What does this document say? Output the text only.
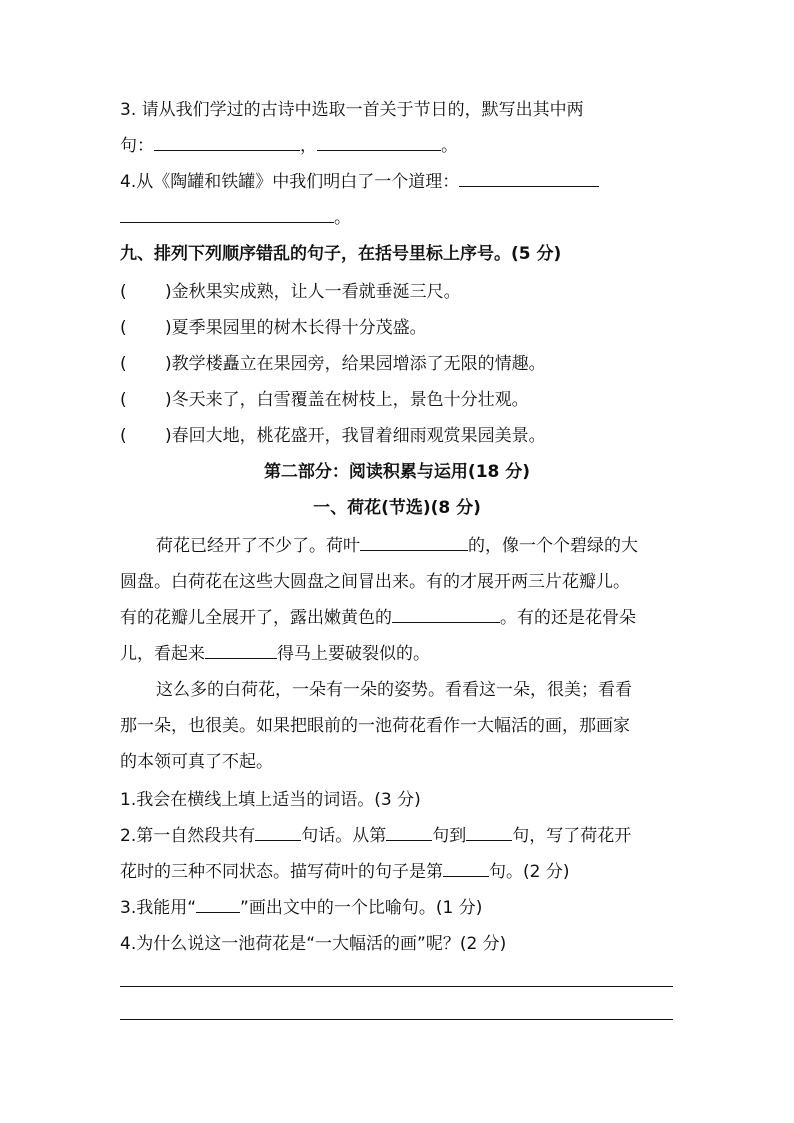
3. 请从我们学过的古诗中选取一首关于节日的，默写出其中两
句：	，	。
4.从《陶罐和铁罐》中我们明白了一个道理：
。
九、排列下列顺序错乱的句子，在括号里标上序号。(5 分)
( )金秋果实成熟，让人一看就垂涎三尺。
( )夏季果园里的树木长得十分茂盛。
( )教学楼矗立在果园旁，给果园增添了无限的情趣。
( )冬天来了，白雪覆盖在树枝上，景色十分壮观。
( )春回大地，桃花盛开，我冒着细雨观赏果园美景。
第二部分：阅读积累与运用(18 分)
一、荷花(节选)(8 分)
荷花已经开了不少了。荷叶	的，像一个个碧绿的大
圆盘。白荷花在这些大圆盘之间冒出来。有的才展开两三片花瓣儿。
有的花瓣儿全展开了，露出嫩黄色的	。有的还是花骨朵
儿，看起来	得马上要破裂似的。
这么多的白荷花，一朵有一朵的姿势。看看这一朵，很美；看看
那一朵，也很美。如果把眼前的一池荷花看作一大幅活的画，那画家
的本领可真了不起。
1.我会在横线上填上适当的词语。(3 分)
2.第一自然段共有	句话。从第	句到	句，写了荷花开
花时的三种不同状态。描写荷叶的句子是第	句。(2 分)
3.我能用“	”画出文中的一个比喻句。(1 分)
4.为什么说这一池荷花是“一大幅活的画”呢？(2 分)
